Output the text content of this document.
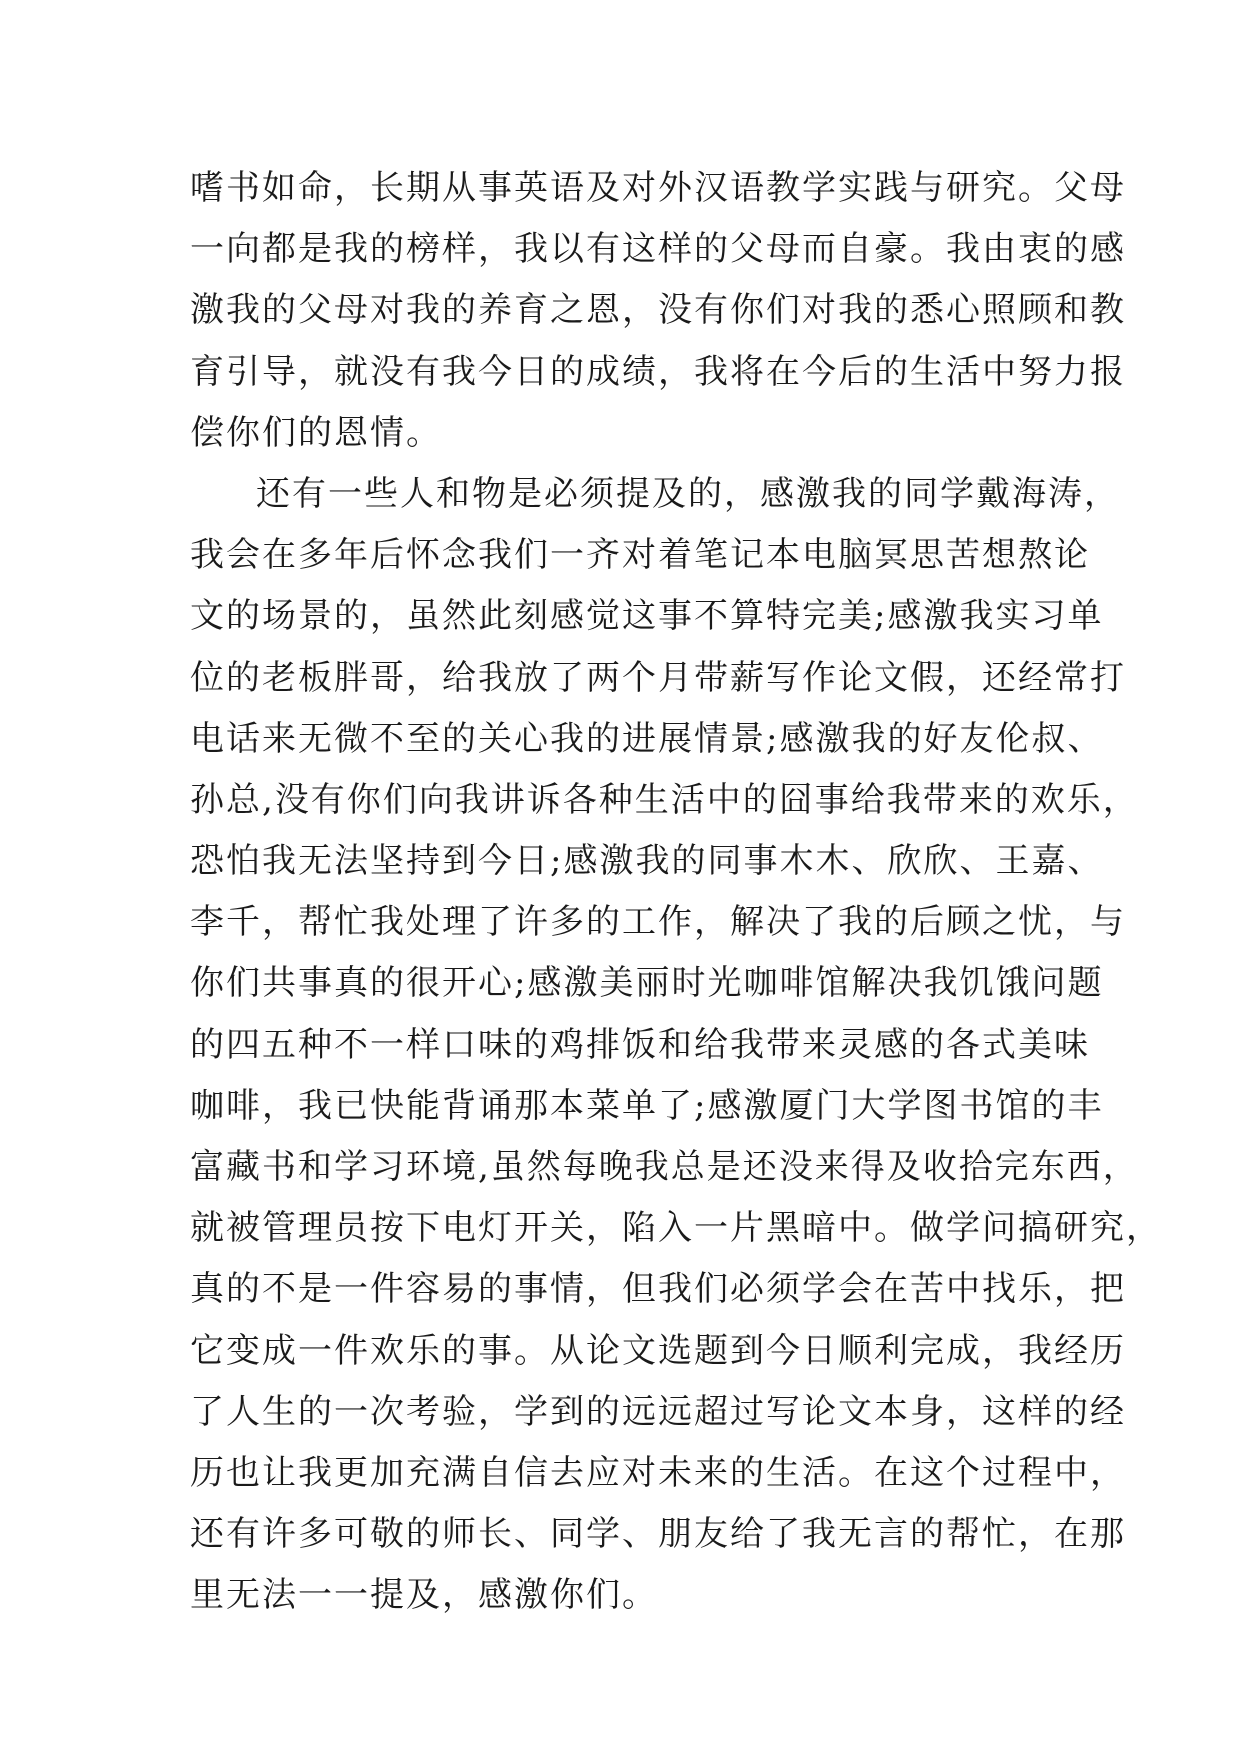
嗜书如命，长期从事英语及对外汉语教学实践与研究。父母
一向都是我的榜样，我以有这样的父母而自豪。我由衷的感
激我的父母对我的养育之恩，没有你们对我的悉心照顾和教
育引导，就没有我今日的成绩，我将在今后的生活中努力报
偿你们的恩情。
还有一些人和物是必须提及的，感激我的同学戴海涛，
我会在多年后怀念我们一齐对着笔记本电脑冥思苦想熬论
文的场景的，虽然此刻感觉这事不算特完美;感激我实习单
位的老板胖哥，给我放了两个月带薪写作论文假，还经常打
电话来无微不至的关心我的进展情景;感激我的好友伦叔、
孙总,没有你们向我讲诉各种生活中的囧事给我带来的欢乐，
恐怕我无法坚持到今日;感激我的同事木木、欣欣、王嘉、
李千，帮忙我处理了许多的工作，解决了我的后顾之忧，与
你们共事真的很开心;感激美丽时光咖啡馆解决我饥饿问题
的四五种不一样口味的鸡排饭和给我带来灵感的各式美味
咖啡，我已快能背诵那本菜单了;感激厦门大学图书馆的丰
富藏书和学习环境,虽然每晚我总是还没来得及收拾完东西，
就被管理员按下电灯开关，陷入一片黑暗中。做学问搞研究，
真的不是一件容易的事情，但我们必须学会在苦中找乐，把
它变成一件欢乐的事。从论文选题到今日顺利完成，我经历
了人生的一次考验，学到的远远超过写论文本身，这样的经
历也让我更加充满自信去应对未来的生活。在这个过程中，
还有许多可敬的师长、同学、朋友给了我无言的帮忙，在那
里无法一一提及，感激你们。
